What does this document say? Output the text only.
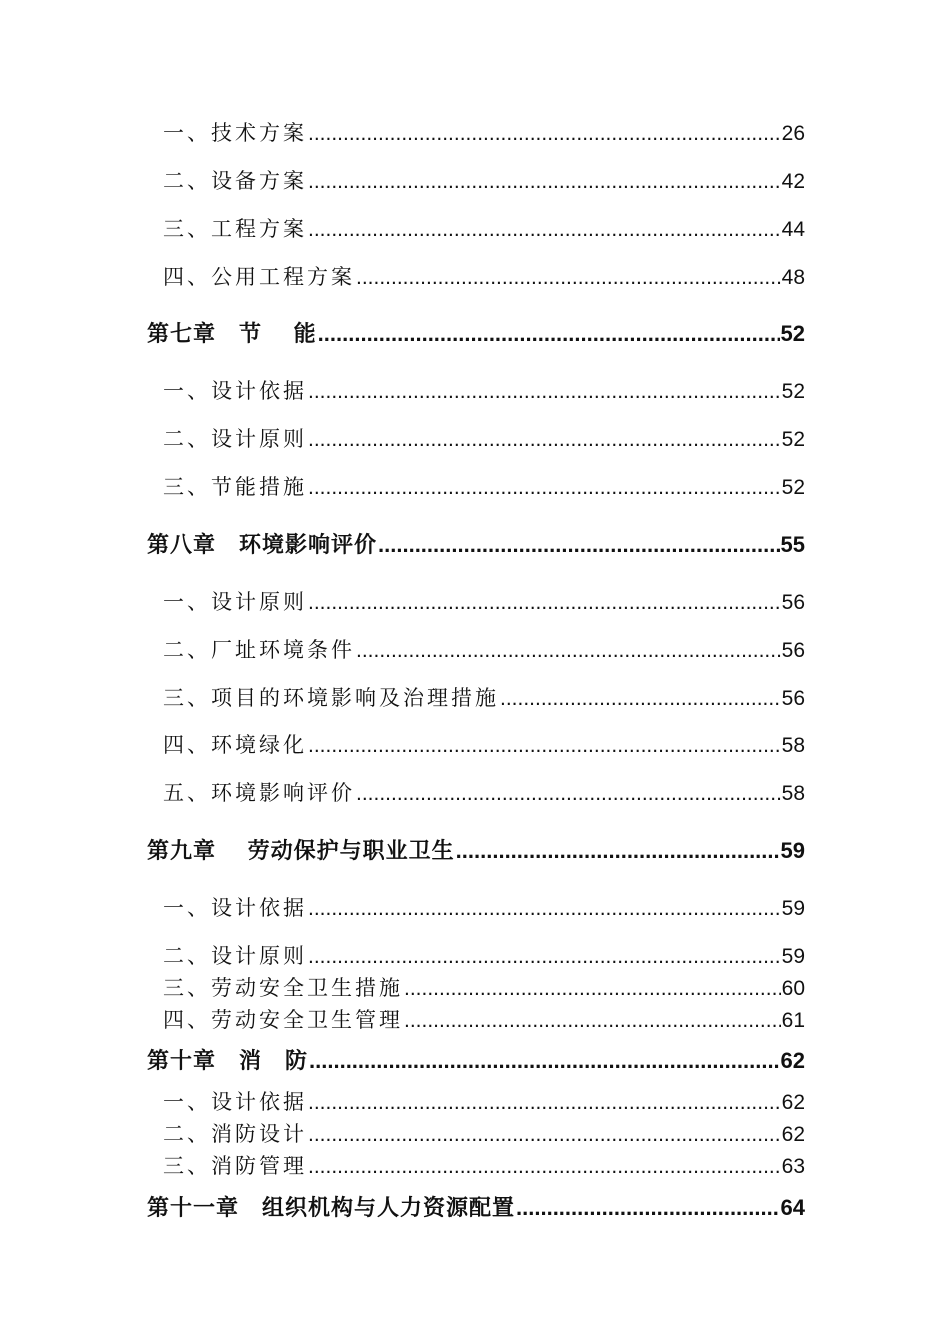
一、技术方案 .....	26
二、设备方案 .....	42
三、工程方案 .....	44
四、公用工程方案 .....	48
第七章　节　 能 .....	52
一、设计依据 .....	52
二、设计原则 .....	52
三、节能措施 .....	52
第八章　环境影响评价 .....	55
一、设计原则 .....	56
二、厂址环境条件 .....	56
三、项目的环境影响及治理措施 .....	56
四、环境绿化 .....	58
五、环境影响评价 .....	58
第九章　 劳动保护与职业卫生 .....	59
一、设计依据 .....	59
二、设计原则 .....	59
三、劳动安全卫生措施 .....	60
四、劳动安全卫生管理 .....	61
第十章　消　防 .....	62
一、设计依据 .....	62
二、消防设计 .....	62
三、消防管理 .....	63
第十一章　组织机构与人力资源配置 .....	64
